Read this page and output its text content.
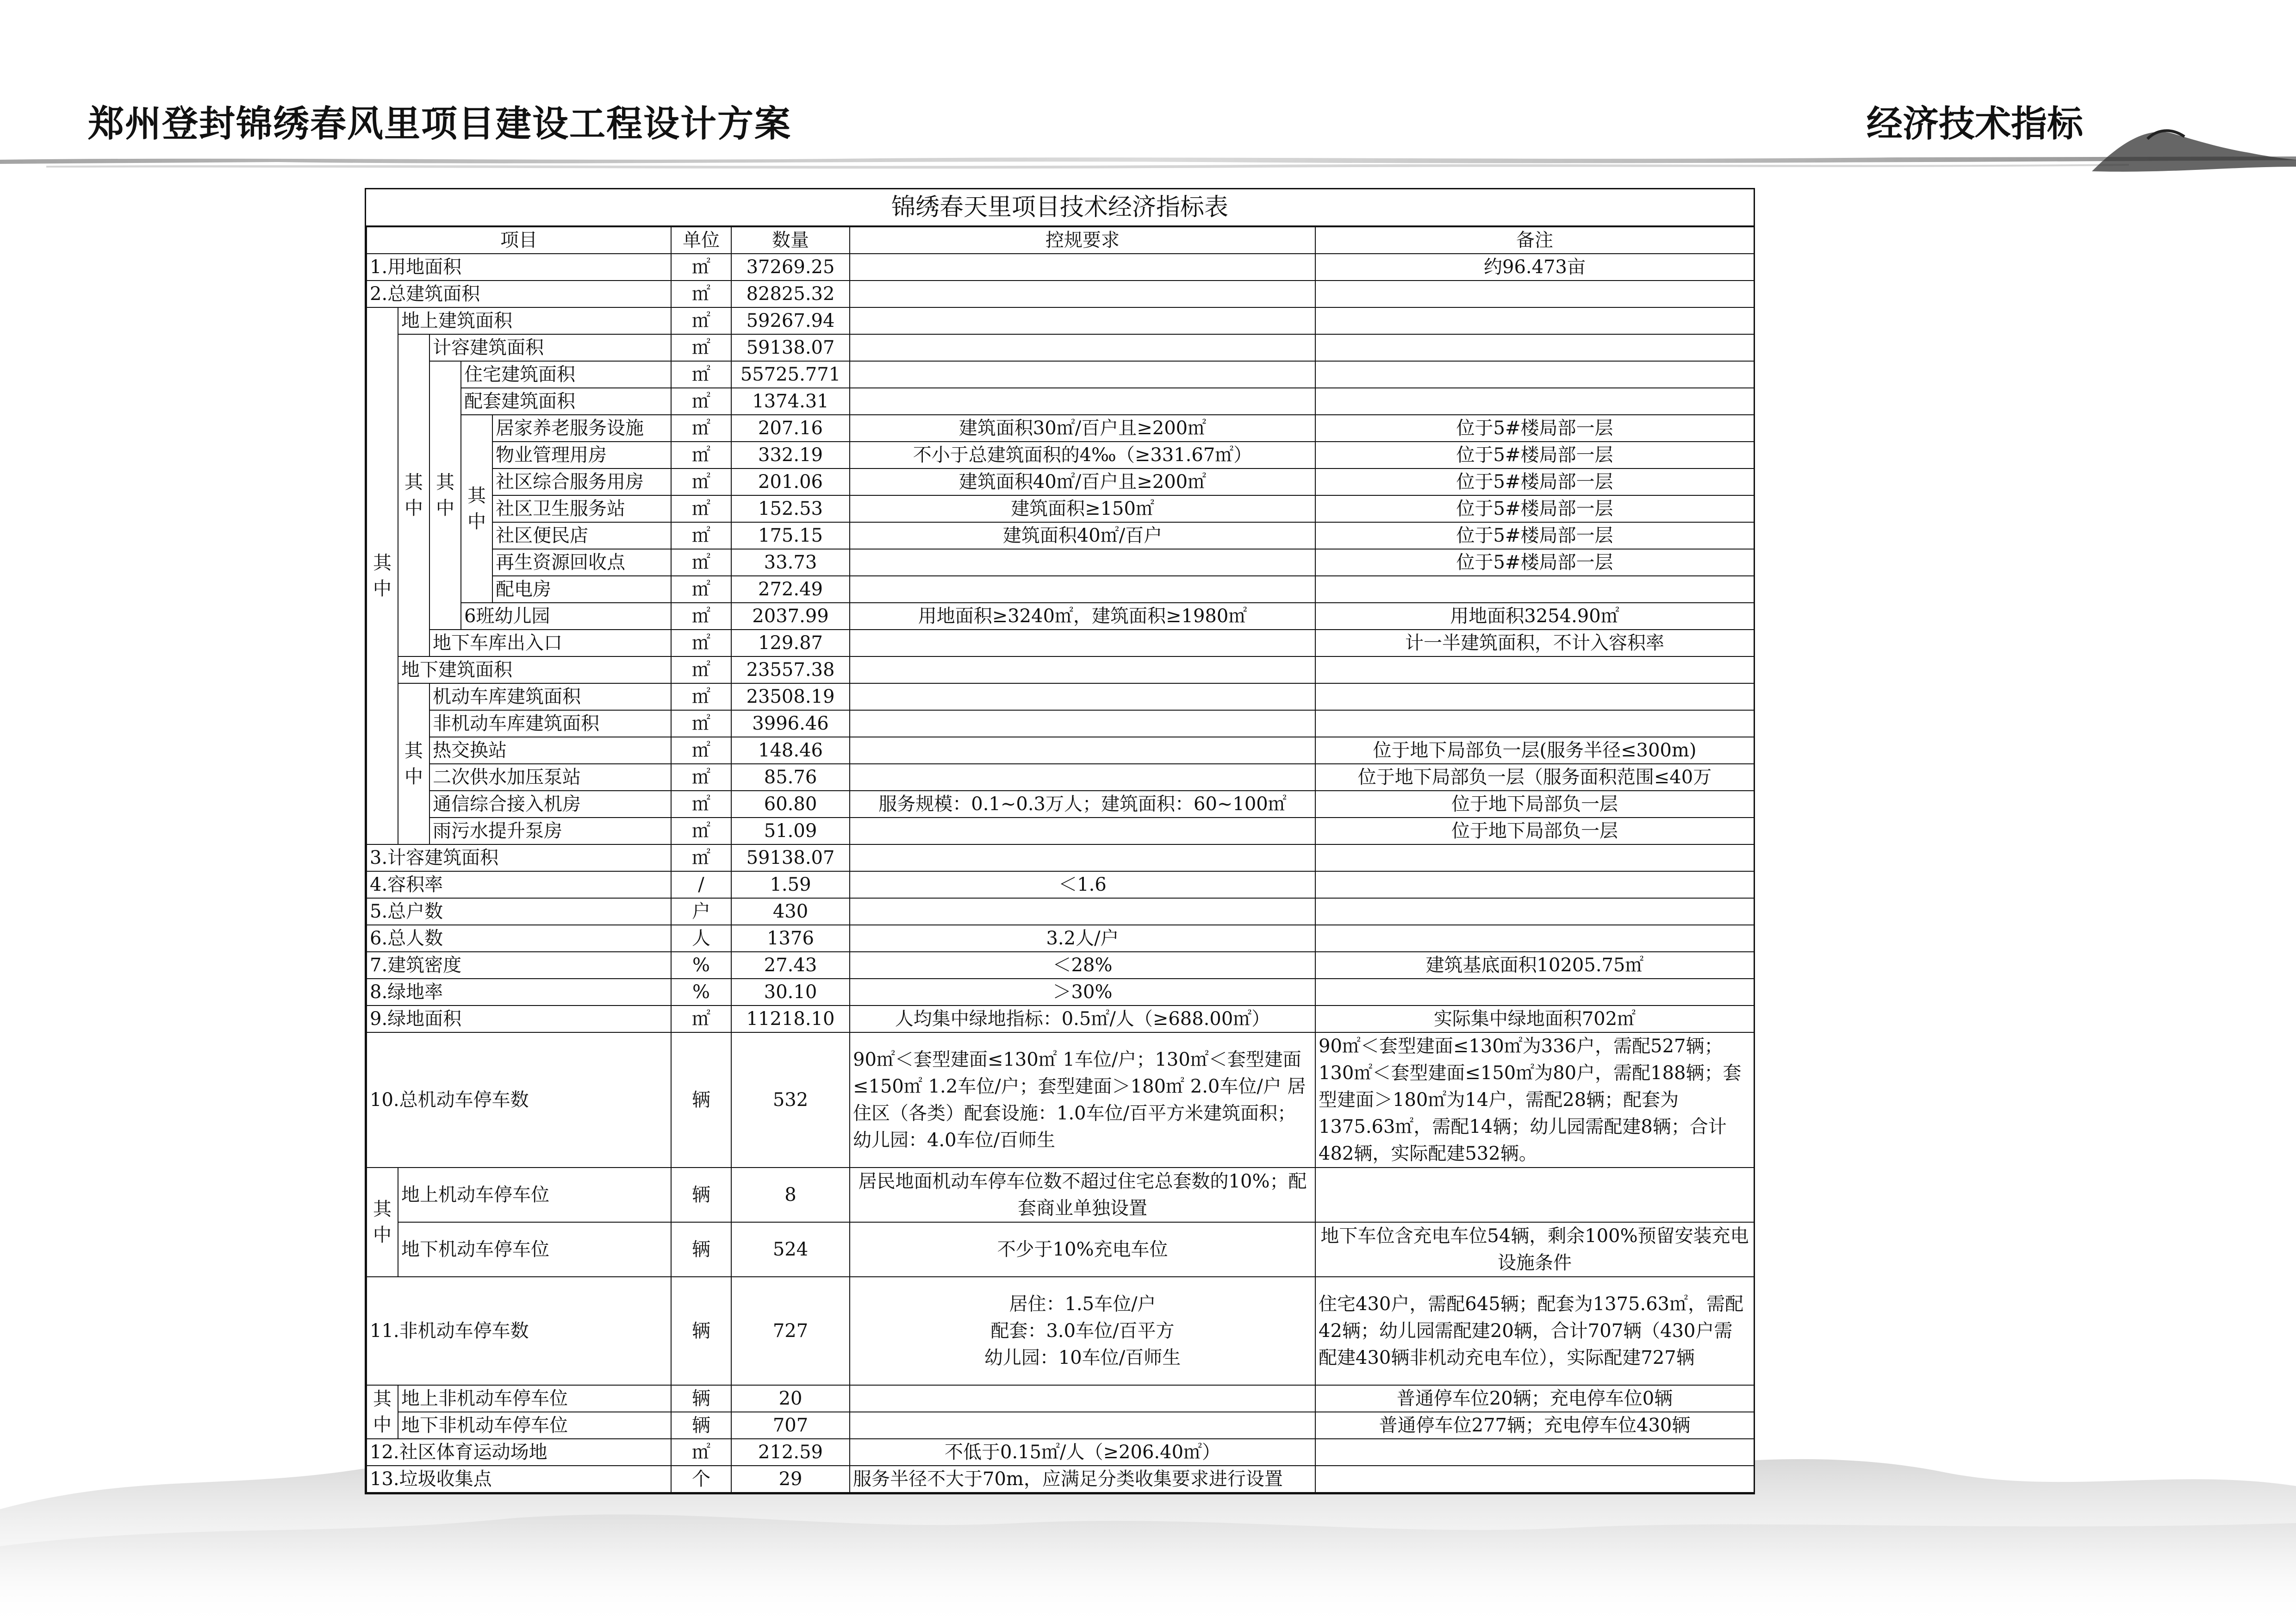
郑州登封锦绣春风里项目建设工程设计方案	经济技术指标
锦绣春天里项目技术经济指标表
项目					单位	数量	控规要求	备注
1.用地面积					㎡	37269.25		约96.473亩
2.总建筑面积					㎡	82825.32		
其中	地上建筑面积				㎡	59267.94		
	其中	计容建筑面积			㎡	59138.07		
		其中	住宅建筑面积		㎡	55725.771		
			配套建筑面积		㎡	1374.31		
			其中	居家养老服务设施	㎡	207.16	建筑面积30㎡/百户且≥200㎡	位于5#楼局部一层
				物业管理用房	㎡	332.19	不小于总建筑面积的4‰（≥331.67㎡）	位于5#楼局部一层
				社区综合服务用房	㎡	201.06	建筑面积40㎡/百户且≥200㎡	位于5#楼局部一层
				社区卫生服务站	㎡	152.53	建筑面积≥150㎡	位于5#楼局部一层
				社区便民店	㎡	175.15	建筑面积40㎡/百户	位于5#楼局部一层
				再生资源回收点	㎡	33.73		位于5#楼局部一层
				配电房	㎡	272.49		
			6班幼儿园		㎡	2037.99	用地面积≥3240㎡，建筑面积≥1980㎡	用地面积3254.90㎡
		地下车库出入口			㎡	129.87		计一半建筑面积，不计入容积率
	地下建筑面积				㎡	23557.38		
	其中	机动车库建筑面积			㎡	23508.19		
		非机动车库建筑面积			㎡	3996.46		
		热交换站			㎡	148.46		位于地下局部负一层(服务半径≤300m)
		二次供水加压泵站			㎡	85.76		位于地下局部负一层（服务面积范围≤40万
		通信综合接入机房			㎡	60.80	服务规模：0.1~0.3万人；建筑面积：60~100㎡	位于地下局部负一层
		雨污水提升泵房			㎡	51.09		位于地下局部负一层
3.计容建筑面积					㎡	59138.07		
4.容积率					/	1.59	＜1.6	
5.总户数					户	430		
6.总人数					人	1376	3.2人/户	
7.建筑密度					%	27.43	＜28%	建筑基底面积10205.75㎡
8.绿地率					%	30.10	＞30%	
9.绿地面积					㎡	11218.10	人均集中绿地指标：0.5㎡/人（≥688.00㎡）	实际集中绿地面积702㎡
10.总机动车停车数					辆	532	90㎡＜套型建面≤130㎡ 1车位/户；130㎡＜套型建面≤150㎡ 1.2车位/户；套型建面＞180㎡ 2.0车位/户 居住区（各类）配套设施：1.0车位/百平方米建筑面积；幼儿园：4.0车位/百师生	90㎡＜套型建面≤130㎡为336户，需配527辆；130㎡＜套型建面≤150㎡为80户，需配188辆；套型建面＞180㎡为14户，需配28辆；配套为1375.63㎡，需配14辆；幼儿园需配建8辆；合计482辆，实际配建532辆。
其中	地上机动车停车位				辆	8	居民地面机动车停车位数不超过住宅总套数的10%；配套商业单独设置	
	地下机动车停车位				辆	524	不少于10%充电车位	地下车位含充电车位54辆，剩余100%预留安装充电设施条件
11.非机动车停车数					辆	727	居住：1.5车位/户
配套：3.0车位/百平方
幼儿园：10车位/百师生	住宅430户，需配645辆；配套为1375.63㎡，需配42辆；幼儿园需配建20辆，合计707辆（430户需配建430辆非机动充电车位），实际配建727辆
其中	地上非机动车停车位				辆	20		普通停车位20辆；充电停车位0辆
	地下非机动车停车位				辆	707		普通停车位277辆；充电停车位430辆
12.社区体育运动场地					㎡	212.59	不低于0.15㎡/人（≥206.40㎡）	
13.垃圾收集点					个	29	服务半径不大于70m，应满足分类收集要求进行设置	
